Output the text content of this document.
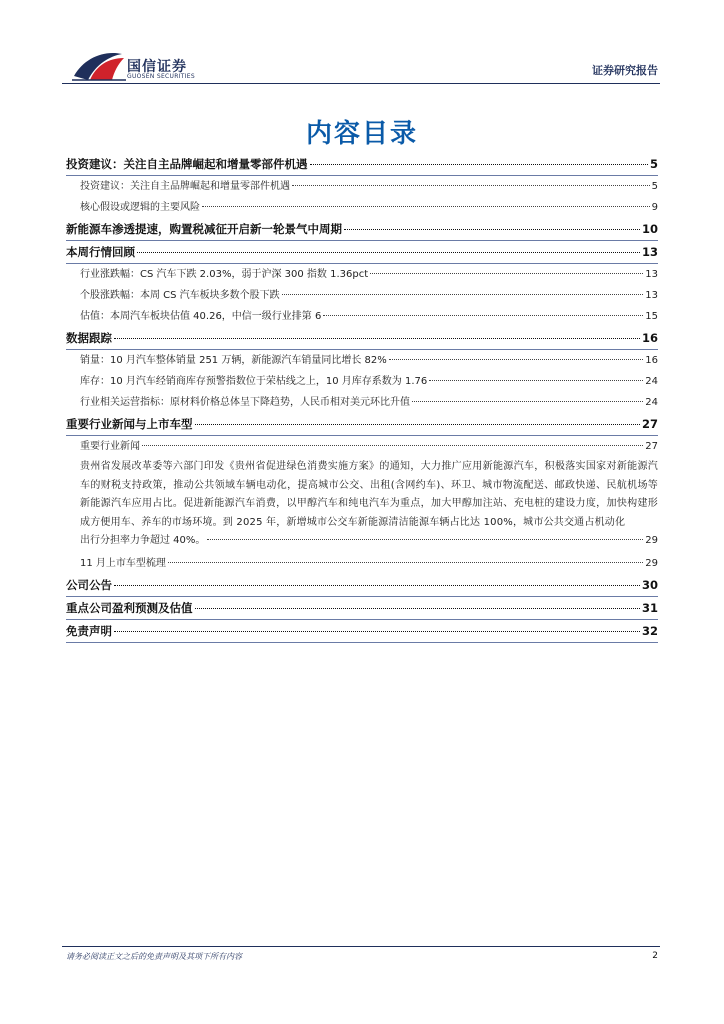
国信证券
GUOSEN SECURITIES	证券研究报告
内容目录
投资建议：关注自主品牌崛起和增量零部件机遇	5
投资建议：关注自主品牌崛起和增量零部件机遇	5
核心假设或逻辑的主要风险	9
新能源车渗透提速，购置税减征开启新一轮景气中周期	10
本周行情回顾	13
行业涨跌幅：CS 汽车下跌 2.03%，弱于沪深 300 指数 1.36pct	13
个股涨跌幅：本周 CS 汽车板块多数个股下跌	13
估值：本周汽车板块估值 40.26，中信一级行业排第 6	15
数据跟踪	16
销量：10 月汽车整体销量 251 万辆，新能源汽车销量同比增长 82%	16
库存：10 月汽车经销商库存预警指数位于荣枯线之上，10 月库存系数为 1.76	24
行业相关运营指标：原材料价格总体呈下降趋势，人民币相对美元环比升值	24
重要行业新闻与上市车型	27
重要行业新闻	27
贵州省发展改革委等六部门印发《贵州省促进绿色消费实施方案》的通知，大力推广应用新能源汽车，积极落实国家对新能源汽车的财税支持政策，推动公共领域车辆电动化，提高城市公交、出租(含网约车)、环卫、城市物流配送、邮政快递、民航机场等新能源汽车应用占比。促进新能源汽车消费，以甲醇汽车和纯电汽车为重点，加大甲醇加注站、充电桩的建设力度，加快构建形成方便用车、养车的市场环境。到 2025 年，新增城市公交车新能源清洁能源车辆占比达 100%，城市公共交通占机动化
出行分担率力争超过 40%。	29
11 月上市车型梳理	29
公司公告	30
重点公司盈利预测及估值	31
免责声明	32
请务必阅读正文之后的免责声明及其项下所有内容	2
